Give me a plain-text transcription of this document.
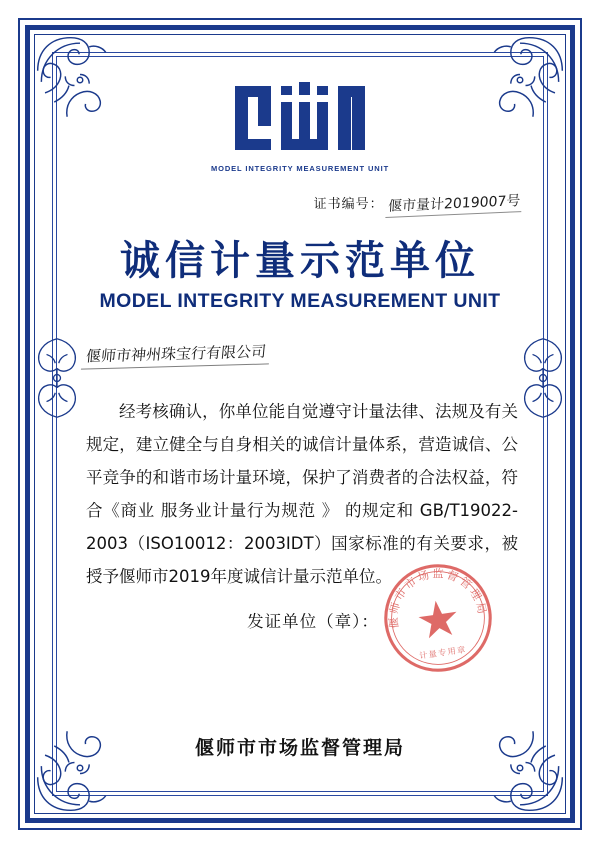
MODEL INTEGRITY MEASUREMENT UNIT
证书编号： 偃市量计2019007号
诚信计量示范单位
MODEL INTEGRITY MEASUREMENT UNIT
偃师市神州珠宝行有限公司

经考核确认，你单位能自觉遵守计量法律、法规及有关规定，建立健全与自身相关的诚信计量体系，营造诚信、公平竞争的和谐市场计量环境，保护了消费者的合法权益，符合《商业 服务业计量行为规范 》 的规定和 GB/T19022-2003（ISO10012：2003IDT）国家标准的有关要求，被授予偃师市2019年度诚信计量示范单位。

发证单位（章）： 偃师市市场监督管理局
计量专用章
偃师市市场监督管理局
